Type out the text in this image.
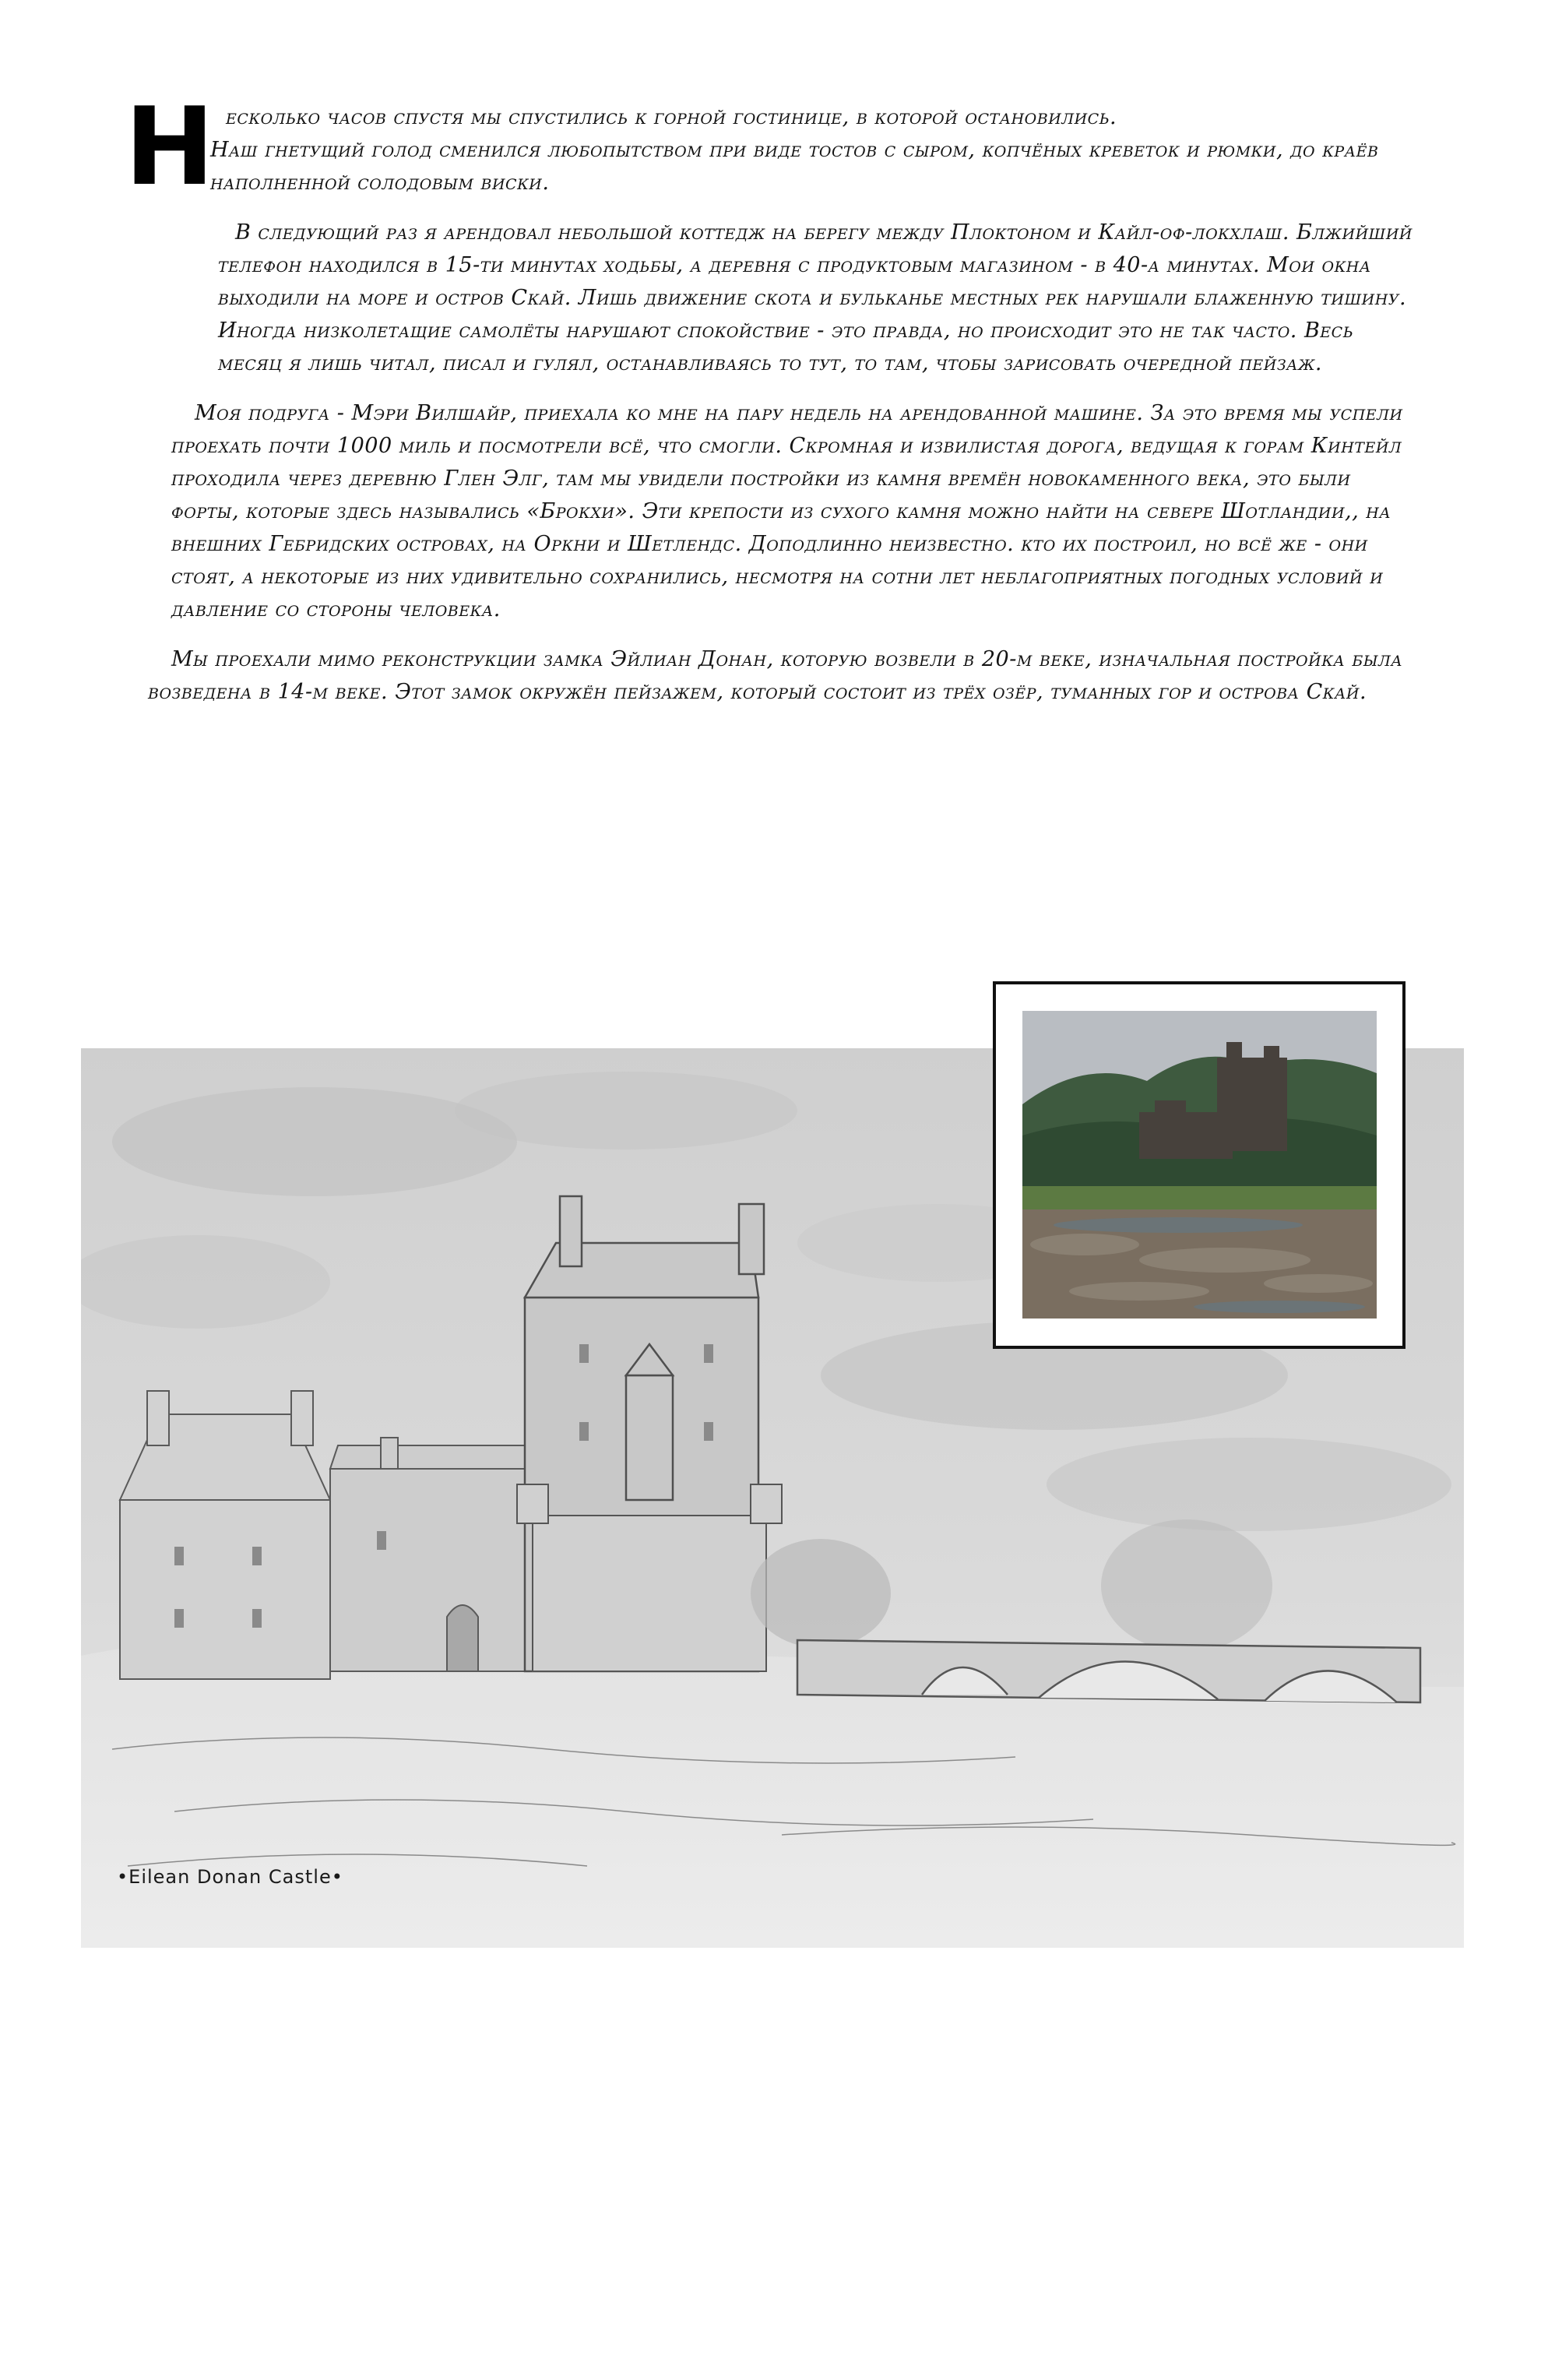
Н есколько часов спустя мы спустились к горной гостинице, в которой остановились.
Наш гнетущий голод сменился любопытством при виде тостов с сыром, копчёных креветок и рюмки, до краёв наполненной солодовым виски.

В следующий раз я арендовал небольшой коттедж на берегу между Плоктоном и Кайл-оф-локхлаш. Блжийший телефон находился в 15-ти минутах ходьбы, а деревня с продуктовым магазином - в 40-а минутах. Мои окна выходили на море и остров Скай. Лишь движение скота и бульканье местных рек нарушали блаженную тишину. Иногда низколетащие самолёты нарушают спокойствие - это правда, но происходит это не так часто. Весь месяц я лишь читал, писал и гулял, останавливаясь то тут, то там, чтобы зарисовать очередной пейзаж.

Моя подруга - Мэри Вилшайр, приехала ко мне на пару недель на арендованной машине. За это время мы успели проехать почти 1000 миль и посмотрели всё, что смогли. Скромная и извилистая дорога, ведущая к горам Кинтейл проходила через деревню Глен Элг, там мы увидели постройки из камня времён новокаменного века, это были форты, которые здесь назывались «Брокхи». Эти крепости из сухого камня можно найти на севере Шотландии,, на внешних Гебридских островах, на Оркни и Шетлендс. Доподлинно неизвестно. кто их построил, но всё же - они стоят, а некоторые из них удивительно сохранились, несмотря на сотни лет неблагоприятных погодных условий и давление со стороны человека.

Мы проехали мимо реконструкции замка Эйлиан Донан, которую возвели в 20-м веке, изначальная постройка была возведена в 14-м веке. Этот замок окружён пейзажем, который состоит из трёх озёр, туманных гор и острова Скай.

•Eilean Donan Castle•
